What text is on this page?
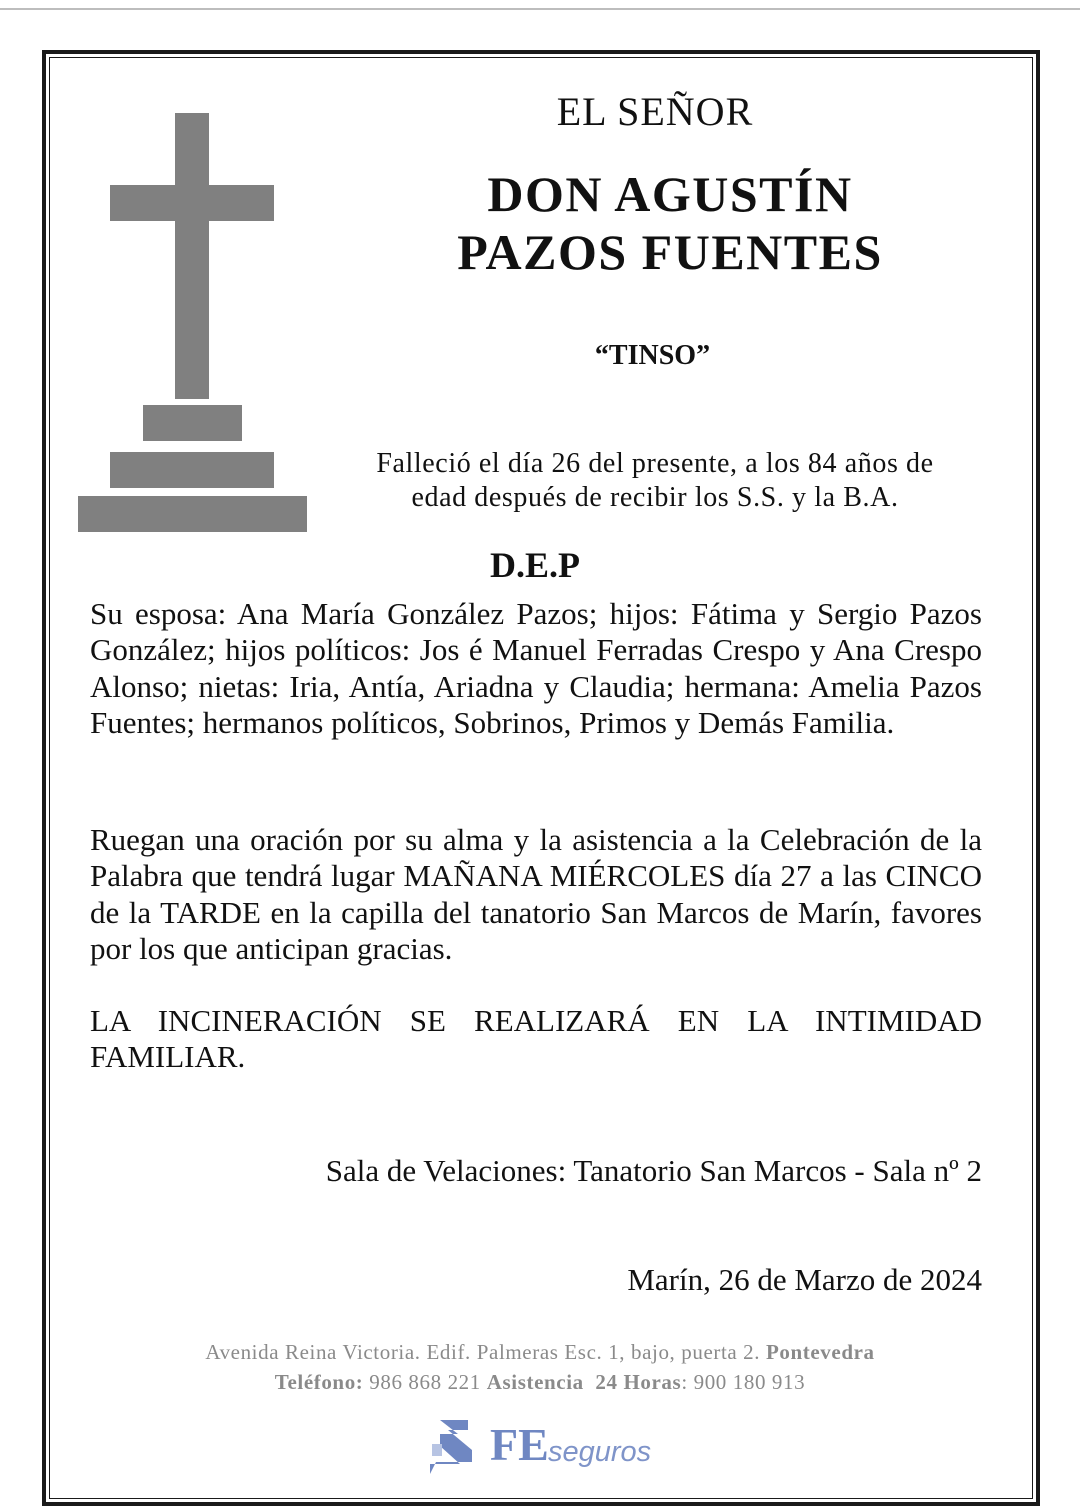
EL SEÑOR
DON AGUSTÍN
PAZOS FUENTES
“TINSO”
Falleció el día 26 del presente, a los 84 años de
edad después de recibir los S.S. y la B.A.
D.E.P
Su esposa: Ana María González Pazos; hijos: Fátima y Sergio Pazos González; hijos políticos: Jos é Manuel Ferradas Crespo y Ana Crespo Alonso; nietas: Iria, Antía, Ariadna y Claudia; hermana: Amelia Pazos Fuentes; hermanos políticos, Sobrinos, Primos y Demás Familia.
Ruegan una oración por su alma y la asistencia a la Celebración de la Palabra que tendrá lugar MAÑANA MIÉRCOLES día 27 a las CINCO de la TARDE en la capilla del tanatorio San Marcos de Marín, favores por los que anticipan gracias.
LA INCINERACIÓN SE REALIZARÁ EN LA INTIMIDAD FAMILIAR.
Sala de Velaciones: Tanatorio San Marcos - Sala nº 2
Marín, 26 de Marzo de 2024
Avenida Reina Victoria. Edif. Palmeras Esc. 1, bajo, puerta 2. Pontevedra
Teléfono: 986 868 221 Asistencia  24 Horas: 900 180 913
FE seguros
